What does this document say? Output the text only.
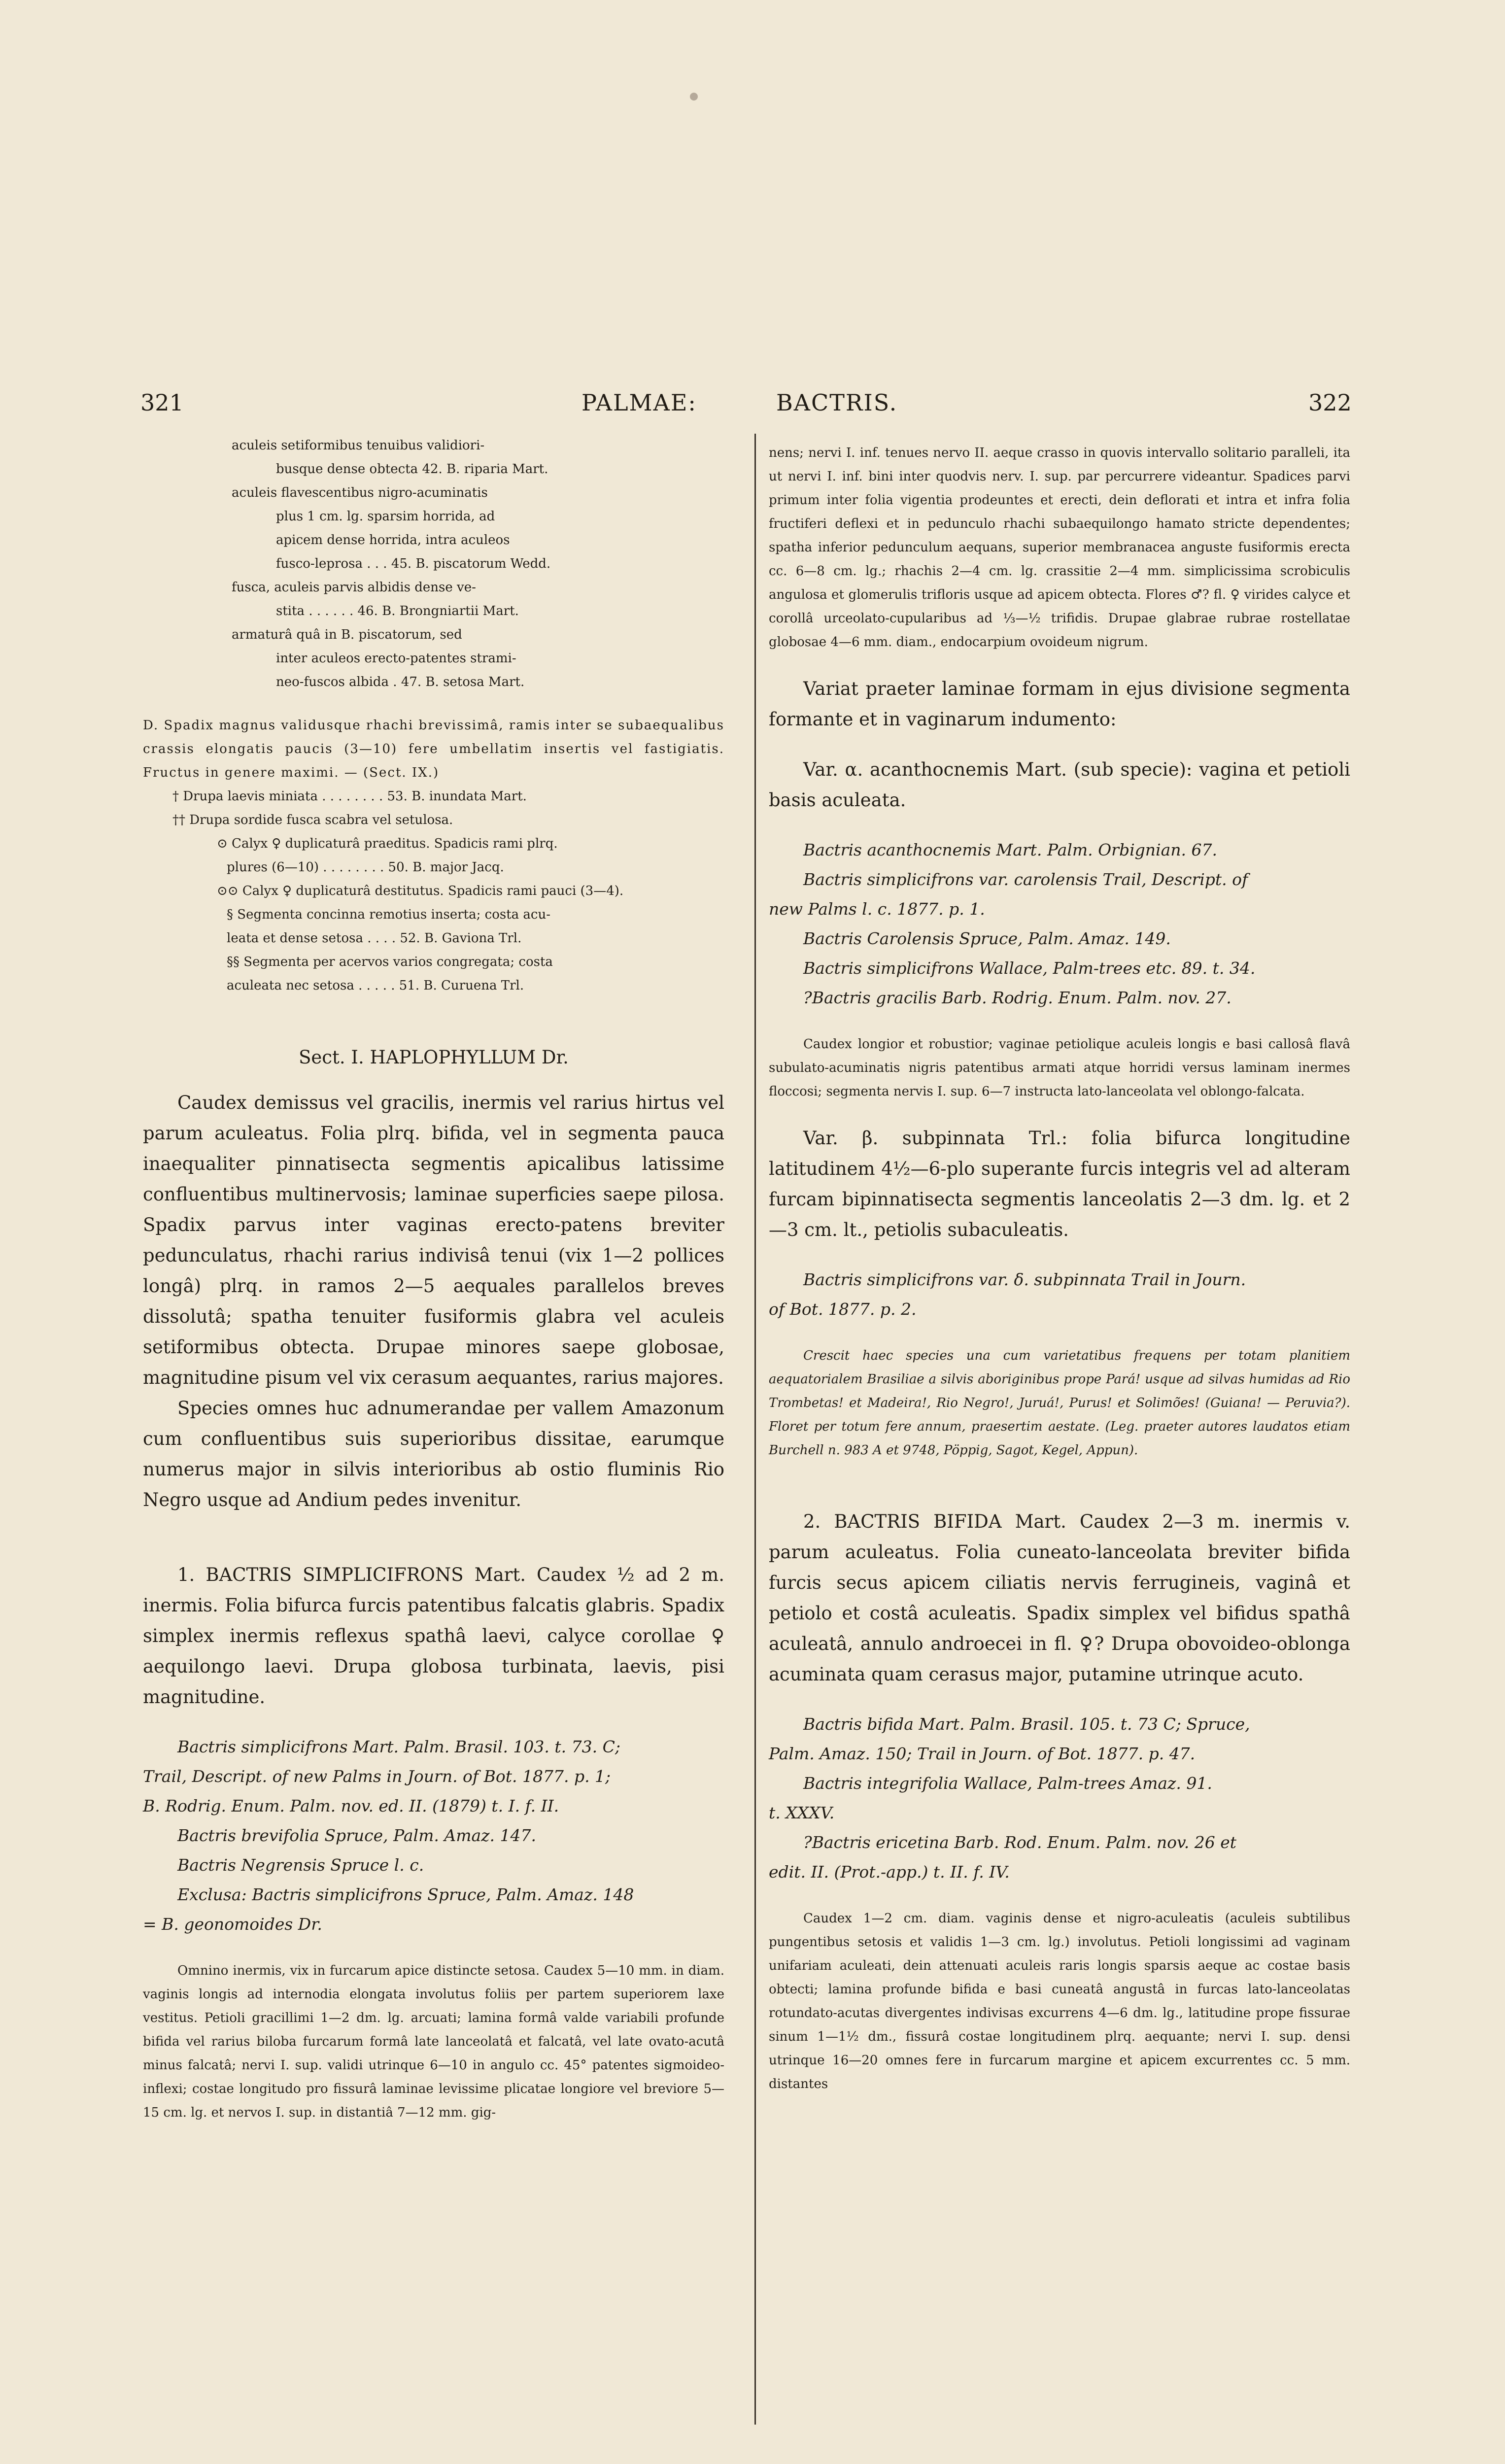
321	PALMAE:	BACTRIS.	322
aculeis setiformibus tenuibus validiori-
busque dense obtecta 42. B. riparia Mart.
aculeis flavescentibus nigro-acuminatis
plus 1 cm. lg. sparsim horrida, ad
apicem dense horrida, intra aculeos
fusco-leprosa . . . 45. B. piscatorum Wedd.
fusca, aculeis parvis albidis dense ve-
stita . . . . . . 46. B. Brongniartii Mart.
armaturâ quâ in B. piscatorum, sed
inter aculeos erecto-patentes strami-
neo-fuscos albida . 47. B. setosa Mart.

D. Spadix magnus validusque rhachi brevissimâ, ramis inter se subaequalibus crassis elongatis paucis (3—10) fere umbellatim insertis vel fastigiatis. Fructus in genere maximi. — (Sect. IX.)

† Drupa laevis miniata . . . . . . . . 53. B. inundata Mart.
†† Drupa sordide fusca scabra vel setulosa.
⊙ Calyx ♀ duplicaturâ praeditus. Spadicis rami plrq.
plures (6—10) . . . . . . . . 50. B. major Jacq.
⊙⊙ Calyx ♀ duplicaturâ destitutus. Spadicis rami pauci (3—4).
§ Segmenta concinna remotius inserta; costa acu-
leata et dense setosa . . . . 52. B. Gaviona Trl.
§§ Segmenta per acervos varios congregata; costa
aculeata nec setosa . . . . . 51. B. Curuena Trl.
Sect. I. HAPLOPHYLLUM Dr.

Caudex demissus vel gracilis, inermis vel rarius hirtus vel parum aculeatus. Folia plrq. bifida, vel in segmenta pauca inaequaliter pinnatisecta segmentis apicalibus latissime confluentibus multinervosis; laminae superficies saepe pilosa. Spadix parvus inter vaginas erecto-patens breviter pedunculatus, rhachi rarius indivisâ tenui (vix 1—2 pollices longâ) plrq. in ramos 2—5 aequales parallelos breves dissolutâ; spatha tenuiter fusiformis glabra vel aculeis setiformibus obtecta. Drupae minores saepe globosae, magnitudine pisum vel vix cerasum aequantes, rarius majores.

Species omnes huc adnumerandae per vallem Amazonum cum confluentibus suis superioribus dissitae, earumque numerus major in silvis interioribus ab ostio fluminis Rio Negro usque ad Andium pedes invenitur.

1. BACTRIS SIMPLICIFRONS Mart. Caudex ½ ad 2 m. inermis. Folia bifurca furcis patentibus falcatis glabris. Spadix simplex inermis reflexus spathâ laevi, calyce corollae ♀ aequilongo laevi. Drupa globosa turbinata, laevis, pisi magnitudine.

Bactris simplicifrons Mart. Palm. Brasil. 103. t. 73. C;
Trail, Descript. of new Palms in Journ. of Bot. 1877. p. 1;
B. Rodrig. Enum. Palm. nov. ed. II. (1879) t. I. f. II.
Bactris brevifolia Spruce, Palm. Amaz. 147.
Bactris Negrensis Spruce l. c.
Exclusa: Bactris simplicifrons Spruce, Palm. Amaz. 148
= B. geonomoides Dr.

Omnino inermis, vix in furcarum apice distincte setosa. Caudex 5—10 mm. in diam. vaginis longis ad internodia elongata involutus foliis per partem superiorem laxe vestitus. Petioli gracillimi 1—2 dm. lg. arcuati; lamina formâ valde variabili profunde bifida vel rarius biloba furcarum formâ late lanceolatâ et falcatâ, vel late ovato-acutâ minus falcatâ; nervi I. sup. validi utrinque 6—10 in angulo cc. 45° patentes sigmoideo-inflexi; costae longitudo pro fissurâ laminae levissime plicatae longiore vel breviore 5—15 cm. lg. et nervos I. sup. in distantiâ 7—12 mm. gig-

nens; nervi I. inf. tenues nervo II. aeque crasso in quovis intervallo solitario paralleli, ita ut nervi I. inf. bini inter quodvis nerv. I. sup. par percurrere videantur. Spadices parvi primum inter folia vigentia prodeuntes et erecti, dein deflorati et intra et infra folia fructiferi deflexi et in pedunculo rhachi subaequilongo hamato stricte dependentes; spatha inferior pedunculum aequans, superior membranacea anguste fusiformis erecta cc. 6—8 cm. lg.; rhachis 2—4 cm. lg. crassitie 2—4 mm. simplicissima scrobiculis angulosa et glomerulis trifloris usque ad apicem obtecta. Flores ♂? fl. ♀ virides calyce et corollâ urceolato-cupularibus ad ⅓—½ trifidis. Drupae glabrae rubrae rostellatae globosae 4—6 mm. diam., endocarpium ovoideum nigrum.

Variat praeter laminae formam in ejus divisione segmenta formante et in vaginarum indumento:

Var. α. acanthocnemis Mart. (sub specie): vagina et petioli basis aculeata.

Bactris acanthocnemis Mart. Palm. Orbignian. 67.
Bactris simplicifrons var. carolensis Trail, Descript. of
new Palms l. c. 1877. p. 1.
Bactris Carolensis Spruce, Palm. Amaz. 149.
Bactris simplicifrons Wallace, Palm-trees etc. 89. t. 34.
?Bactris gracilis Barb. Rodrig. Enum. Palm. nov. 27.

Caudex longior et robustior; vaginae petiolique aculeis longis e basi callosâ flavâ subulato-acuminatis nigris patentibus armati atque horridi versus laminam inermes floccosi; segmenta nervis I. sup. 6—7 instructa lato-lanceolata vel oblongo-falcata.

Var. β. subpinnata Trl.: folia bifurca longitudine latitudinem 4½—6-plo superante furcis integris vel ad alteram furcam bipinnatisecta segmentis lanceolatis 2—3 dm. lg. et 2—3 cm. lt., petiolis subaculeatis.

Bactris simplicifrons var. δ. subpinnata Trail in Journ.
of Bot. 1877. p. 2.

Crescit haec species una cum varietatibus frequens per totam planitiem aequatorialem Brasiliae a silvis aboriginibus prope Pará! usque ad silvas humidas ad Rio Trombetas! et Madeira!, Rio Negro!, Juruá!, Purus! et Solimões! (Guiana! — Peruvia?). Floret per totum fere annum, praesertim aestate. (Leg. praeter autores laudatos etiam Burchell n. 983 A et 9748, Pöppig, Sagot, Kegel, Appun).

2. BACTRIS BIFIDA Mart. Caudex 2—3 m. inermis v. parum aculeatus. Folia cuneato-lanceolata breviter bifida furcis secus apicem ciliatis nervis ferrugineis, vaginâ et petiolo et costâ aculeatis. Spadix simplex vel bifidus spathâ aculeatâ, annulo androecei in fl. ♀? Drupa obovoideo-oblonga acuminata quam cerasus major, putamine utrinque acuto.

Bactris bifida Mart. Palm. Brasil. 105. t. 73 C; Spruce,
Palm. Amaz. 150; Trail in Journ. of Bot. 1877. p. 47.
Bactris integrifolia Wallace, Palm-trees Amaz. 91.
t. XXXV.
?Bactris ericetina Barb. Rod. Enum. Palm. nov. 26 et
edit. II. (Prot.-app.) t. II. f. IV.

Caudex 1—2 cm. diam. vaginis dense et nigro-aculeatis (aculeis subtilibus pungentibus setosis et validis 1—3 cm. lg.) involutus. Petioli longissimi ad vaginam unifariam aculeati, dein attenuati aculeis raris longis sparsis aeque ac costae basis obtecti; lamina profunde bifida e basi cuneatâ angustâ in furcas lato-lanceolatas rotundato-acutas divergentes indivisas excurrens 4—6 dm. lg., latitudine prope fissurae sinum 1—1½ dm., fissurâ costae longitudinem plrq. aequante; nervi I. sup. densi utrinque 16—20 omnes fere in furcarum margine et apicem excurrentes cc. 5 mm. distantes
